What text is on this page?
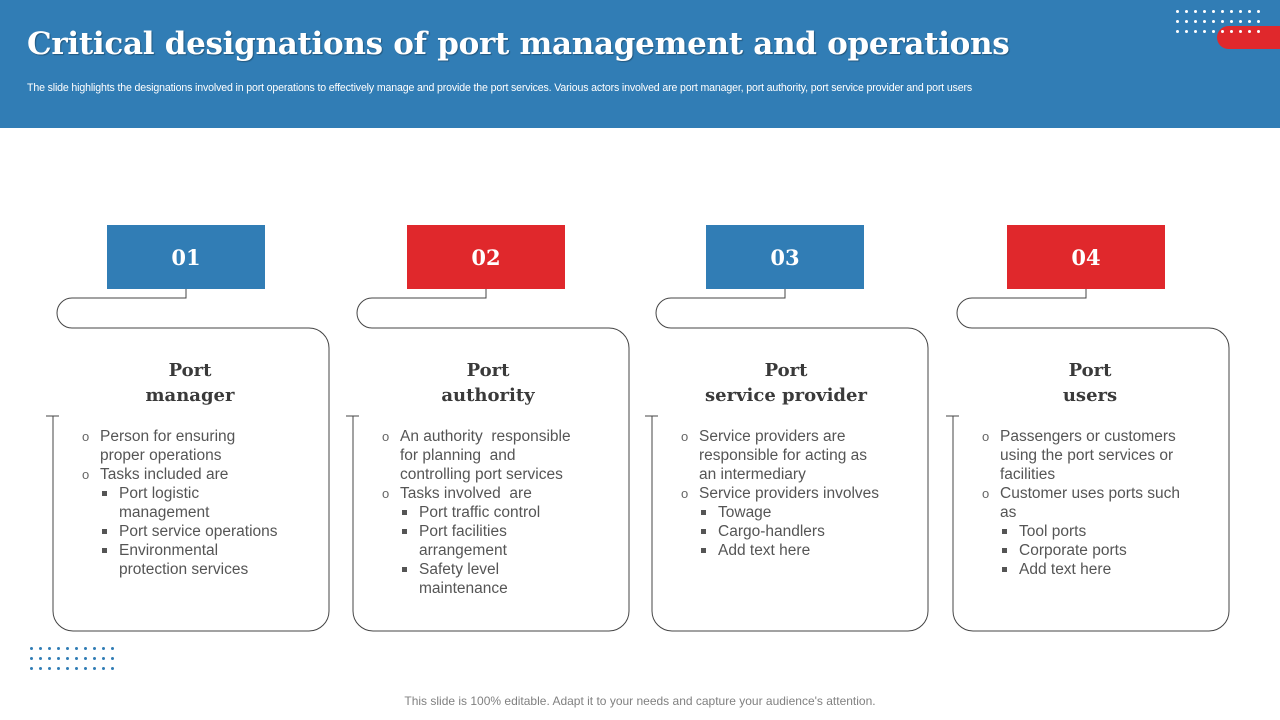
Critical designations of port management and operations

The slide highlights the designations involved in port operations to effectively manage and provide the port services. Various actors involved are port manager, port authority, port service provider and port users

01
Port
manager
o Person for ensuring
proper operations
o Tasks included are
Port logistic
management
Port service operations
Environmental
protection services
02
Port
authority
o An authority  responsible
for planning  and
controlling port services
o Tasks involved  are
Port traffic control
Port facilities
arrangement
Safety level
maintenance
03
Port
service provider
o Service providers are
responsible for acting as
an intermediary
o Service providers involves
Towage
Cargo-handlers
Add text here
04
Port
users
o Passengers or customers
using the port services or
facilities
o Customer uses ports such
as
Tool ports
Corporate ports
Add text here
This slide is 100% editable. Adapt it to your needs and capture your audience's attention.
